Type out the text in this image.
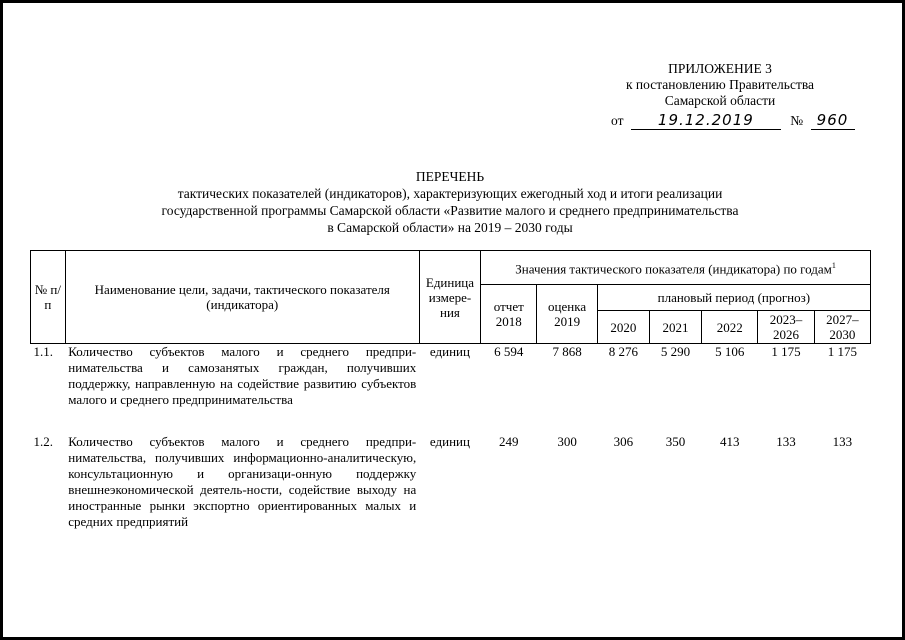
ПРИЛОЖЕНИЕ 3
к постановлению Правительства
Самарской области
от 19.12.2019	№ 960
ПЕРЕЧЕНЬ
тактических показателей (индикаторов), характеризующих ежегодный ход и итоги реализации
государственной программы Самарской области «Развитие малого и среднего предпринимательства
в Самарской области» на 2019 – 2030 годы
№ п/п	Наименование цели, задачи, тактического показателя (индикатора)	Единица измере-ния	Значения тактического показателя (индикатора) по годам$^1$
			отчет 2018	оценка 2019	плановый период (прогноз)				
					2020	2021	2022	2023–2026	2027–2030
1.1.	Количество субъектов малого и среднего предпри-нимательства и самозанятых граждан, получивших поддержку, направленную на содействие развитию субъектов малого и среднего предпринимательства	единиц	6 594	7 868	8 276	5 290	5 106	1 175	1 175

1.2.	Количество субъектов малого и среднего предпри-нимательства, получивших информационно-аналитическую, консультационную и организаци-онную поддержку внешнеэкономической деятель-ности, содействие выходу на иностранные рынки экспортно ориентированных малых и средних предприятий	единиц	249	300	306	350	413	133	133
